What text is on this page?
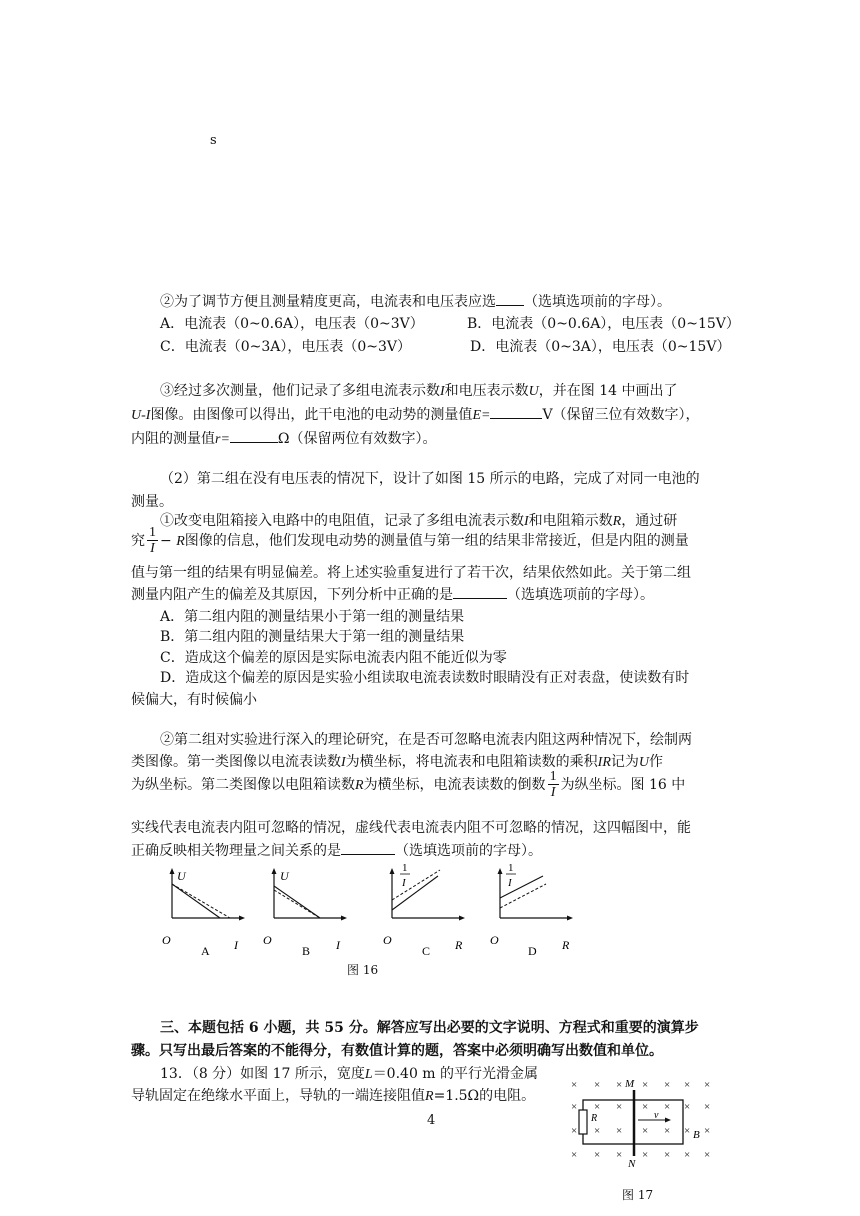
s
②为了调节方便且测量精度更高，电流表和电压表应选 （选填选项前的字母）。
A．电流表（0~0.6A），电压表（0~3V）	B．电流表（0~0.6A），电压表（0~15V）
C．电流表（0~3A），电压表（0~3V）	D．电流表（0~3A），电压表（0~15V）
③经过多次测量，他们记录了多组电流表示数I和电压表示数U，并在图 14 中画出了
U-I图像。由图像可以得出，此干电池的电动势的测量值E=	V（保留三位有效数字），
内阻的测量值r=	Ω（保留两位有效数字）。
（2）第二组在没有电压表的情况下，设计了如图 15 所示的电路，完成了对同一电池的
测量。
①改变电阻箱接入电路中的电阻值，记录了多组电流表示数I和电阻箱示数R，通过研
究 $\frac{1}{I} - R$图像的信息，他们发现电动势的测量值与第一组的结果非常接近，但是内阻的测量
值与第一组的结果有明显偏差。将上述实验重复进行了若干次，结果依然如此。关于第二组
测量内阻产生的偏差及其原因，下列分析中正确的是	（选填选项前的字母）。
A．第二组内阻的测量结果小于第一组的测量结果
B．第二组内阻的测量结果大于第一组的测量结果
C．造成这个偏差的原因是实际电流表内阻不能近似为零
D．造成这个偏差的原因是实验小组读取电流表读数时眼睛没有正对表盘，使读数有时
候偏大，有时候偏小
②第二组对实验进行深入的理论研究，在是否可忽略电流表内阻这两种情况下，绘制两
类图像。第一类图像以电流表读数I为横坐标，将电流表和电阻箱读数的乘积IR记为U作
为纵坐标。第二类图像以电阻箱读数R为横坐标，电流表读数的倒数 $\frac{1}{I}$ 为纵坐标。图 16 中
实线代表电流表内阻可忽略的情况，虚线代表电流表内阻不可忽略的情况，这四幅图中，能
正确反映相关物理量之间关系的是	（选填选项前的字母）。
U
O
A I
U
O
B I
1
I
O
C R
1
I
O
D R
图 16
三、本题包括 6 小题，共 55 分。解答应写出必要的文字说明、方程式和重要的演算步
骤。只写出最后答案的不能得分，有数值计算的题，答案中必须明确写出数值和单位。
13．（8 分）如图 17 所示，宽度L＝0.40 m 的平行光滑金属
导轨固定在绝缘水平面上，导轨的一端连接阻值R=1.5Ω的电阻。
4
× × × × × × ×
× × × × × × ×
× × × × × × ×
× × × × × × ×
M
N
R	v
B
图 17
